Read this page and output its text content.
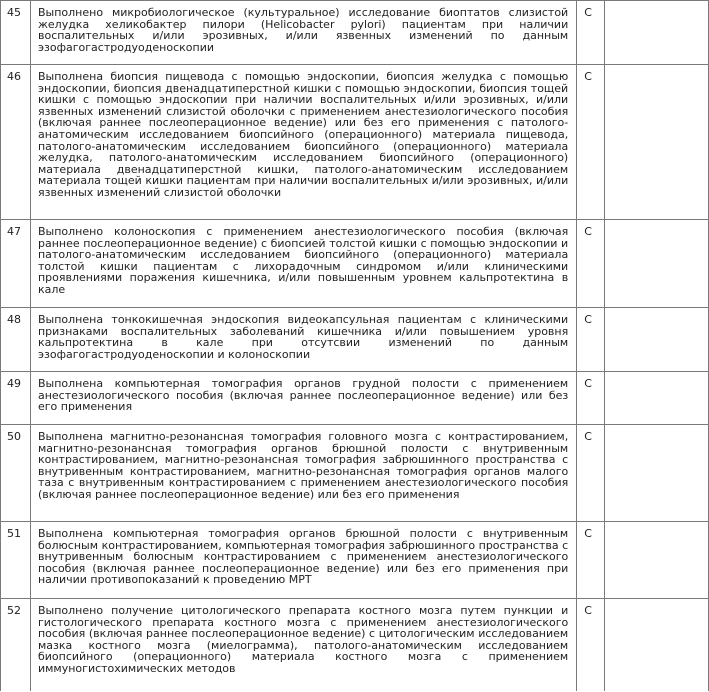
45	Выполнено микробиологическое (культуральное) исследование биоптатов слизистой желудка хеликобактер пилори (Helicobacter pylori) пациентам при наличии воспалительных и/или эрозивных, и/или язвенных изменений по данным эзофагогастродуоденоскопии	C	
46	Выполнена биопсия пищевода с помощью эндоскопии, биопсия желудка с помощью эндоскопии, биопсия двенадцатиперстной кишки с помощью эндоскопии, биопсия тощей кишки с помощью эндоскопии при наличии воспалительных и/или эрозивных, и/или язвенных изменений слизистой оболочки с применением анестезиологического пособия (включая раннее послеоперационное ведение) или без его применения с патолого-анатомическим исследованием биопсийного (операционного) материала пищевода, патолого-анатомическим исследованием биопсийного (операционного) материала желудка, патолого-анатомическим исследованием биопсийного (операционного) материала двенадцатиперстной кишки, патолого-анатомическим исследованием материала тощей кишки пациентам при наличии воспалительных и/или эрозивных, и/или язвенных изменений слизистой оболочки	C	
47	Выполнено колоноскопия с применением анестезиологического пособия (включая раннее послеоперационное ведение) с биопсией толстой кишки с помощью эндоскопии и патолого-анатомическим исследованием биопсийного (операционного) материала толстой кишки пациентам с лихорадочным синдромом и/или клиническими проявлениями поражения кишечника, и/или повышенным уровнем кальпротектина в кале	C	
48	Выполнена тонкокишечная эндоскопия видеокапсульная пациентам с клиническими признаками воспалительных заболеваний кишечника и/или повышением уровня кальпротектина в кале при отсутсвии изменений по данным эзофагогастродуоденоскопии и колоноскопии	C	
49	Выполнена компьютерная томография органов грудной полости с применением анестезиологического пособия (включая раннее послеоперационное ведение) или без его применения	C	
50	Выполнена магнитно-резонансная томография головного мозга с контрастированием, магнитно-резонансная томография органов брюшной полости с внутривенным контрастированием, магнитно-резонансная томография забрюшинного пространства с внутривенным контрастированием, магнитно-резонансная томография органов малого таза с внутривенным контрастированием с применением анестезиологического пособия (включая раннее послеоперационное ведение) или без его применения	C	
51	Выполнена компьютерная томография органов брюшной полости с внутривенным болюсным контрастированием, компьютерная томография забрюшинного пространства с внутривенным болюсным контрастированием с применением анестезиологического пособия (включая раннее послеоперационное ведение) или без его применения при наличии противопоказаний к проведению МРТ	C	
52	Выполнено получение цитологического препарата костного мозга путем пункции и гистологического препарата костного мозга с применением анестезиологического пособия (включая раннее послеоперационное ведение) с цитологическим исследованием мазка костного мозга (миелограмма), патолого-анатомическим исследованием биопсийного (операционного) материала костного мозга с применением иммуногистохимических методов	C	
